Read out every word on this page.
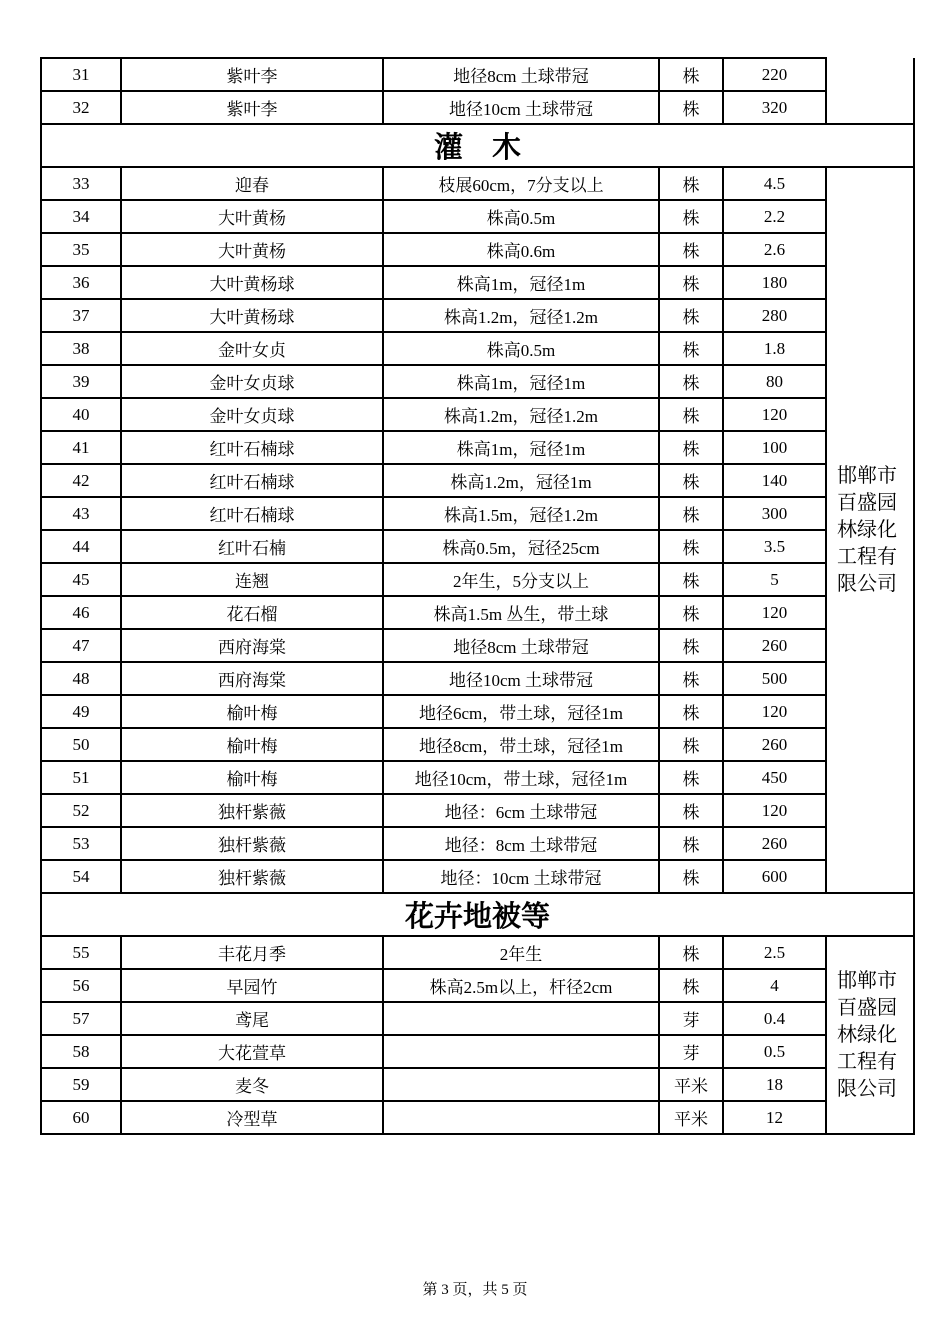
31	紫叶李	地径8cm 土球带冠	株	220	

32	紫叶李	地径10cm 土球带冠	株	320	
灌　木					
33	迎春	枝展60cm，7分支以上	株	4.5	邯郸市百盛园林绿化工程有限公司

34	大叶黄杨	株高0.5m	株	2.2	
35	大叶黄杨	株高0.6m	株	2.6	
36	大叶黄杨球	株高1m，冠径1m	株	180	
37	大叶黄杨球	株高1.2m，冠径1.2m	株	280	
38	金叶女贞	株高0.5m	株	1.8	
39	金叶女贞球	株高1m，冠径1m	株	80	
40	金叶女贞球	株高1.2m，冠径1.2m	株	120	
41	红叶石楠球	株高1m，冠径1m	株	100	
42	红叶石楠球	株高1.2m，冠径1m	株	140	
43	红叶石楠球	株高1.5m，冠径1.2m	株	300	
44	红叶石楠	株高0.5m，冠径25cm	株	3.5	
45	连翘	2年生，5分支以上	株	5	
46	花石榴	株高1.5m 丛生，带土球	株	120	
47	西府海棠	地径8cm 土球带冠	株	260	
48	西府海棠	地径10cm 土球带冠	株	500	
49	榆叶梅	地径6cm，带土球，冠径1m	株	120	
50	榆叶梅	地径8cm，带土球，冠径1m	株	260	
51	榆叶梅	地径10cm，带土球，冠径1m	株	450	
52	独杆紫薇	地径：6cm 土球带冠	株	120	
53	独杆紫薇	地径：8cm 土球带冠	株	260	
54	独杆紫薇	地径：10cm 土球带冠	株	600	
花卉地被等					
55	丰花月季	2年生	株	2.5	邯郸市百盛园林绿化工程有限公司

56	早园竹	株高2.5m以上，杆径2cm	株	4	
57	鸢尾		芽	0.4	
58	大花萱草		芽	0.5	
59	麦冬		平米	18	
60	冷型草		平米	12	
第 3 页，共 5 页
